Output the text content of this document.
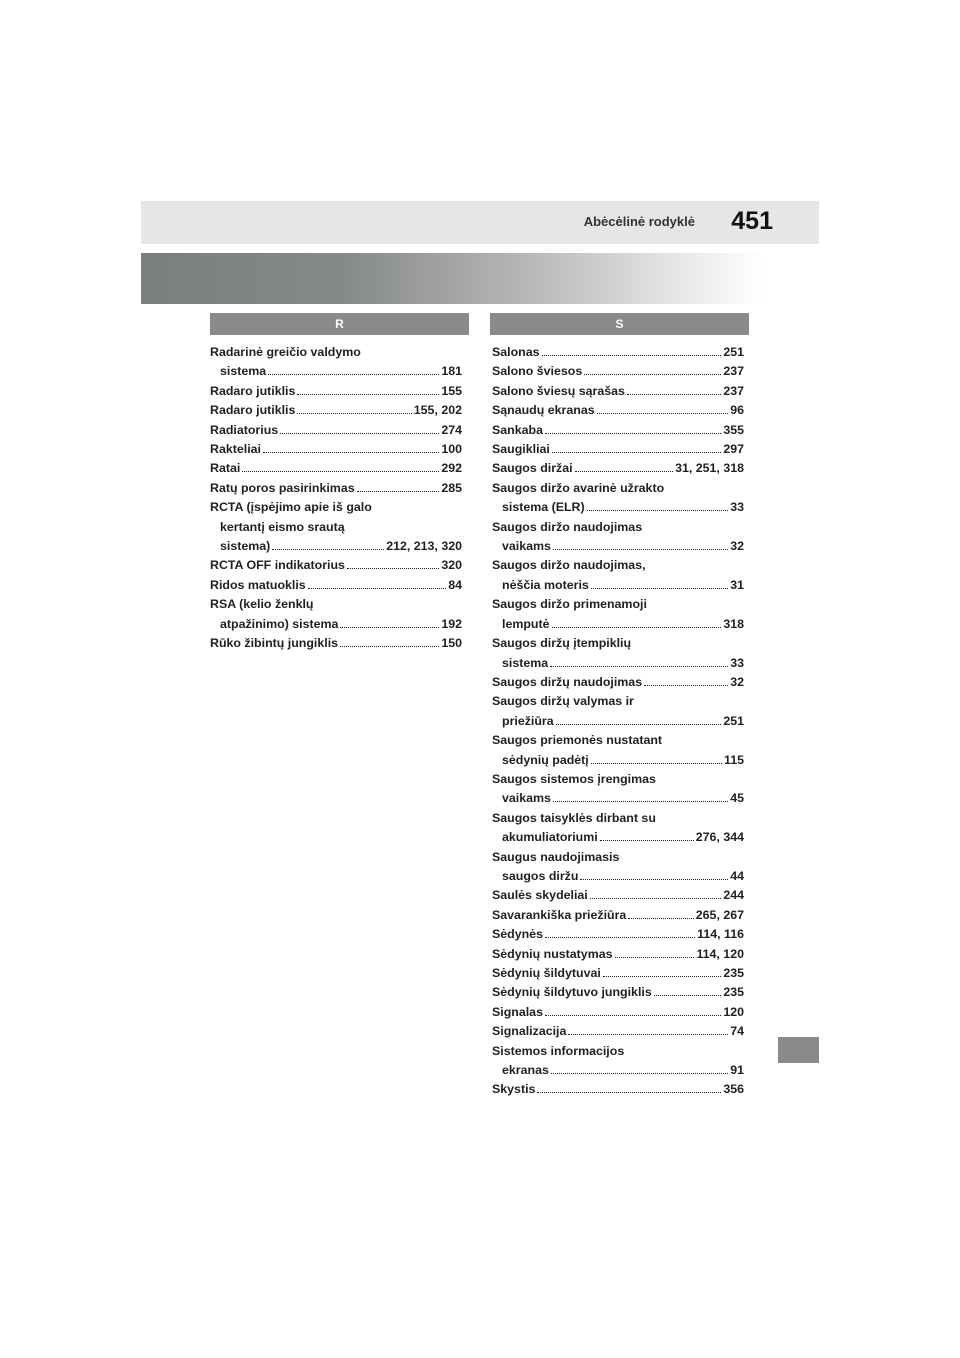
Abėcėlinė rodyklė 451
R	S
Radarinė greičio valdymo
sistema	181
Radaro jutiklis	155
Radaro jutiklis	155, 202
Radiatorius	274
Rakteliai	100
Ratai	292
Ratų poros pasirinkimas	285
RCTA (įspėjimo apie iš galo
kertantį eismo srautą
sistema)	212, 213, 320
RCTA OFF indikatorius	320
Ridos matuoklis	84
RSA (kelio ženklų
atpažinimo) sistema	192
Rūko žibintų jungiklis	150
Salonas	251
Salono šviesos	237
Salono šviesų sąrašas	237
Sąnaudų ekranas	96
Sankaba	355
Saugikliai	297
Saugos diržai	31, 251, 318
Saugos diržo avarinė užrakto
sistema (ELR)	33
Saugos diržo naudojimas
vaikams	32
Saugos diržo naudojimas,
nėščia moteris	31
Saugos diržo primenamoji
lemputė	318
Saugos diržų įtempiklių
sistema	33
Saugos diržų naudojimas	32
Saugos diržų valymas ir
priežiūra	251
Saugos priemonės nustatant
sėdynių padėtį	115
Saugos sistemos įrengimas
vaikams	45
Saugos taisyklės dirbant su
akumuliatoriumi	276, 344
Saugus naudojimasis
saugos diržu	44
Saulės skydeliai	244
Savarankiška priežiūra	265, 267
Sėdynės	114, 116
Sėdynių nustatymas	114, 120
Sėdynių šildytuvai	235
Sėdynių šildytuvo jungiklis	235
Signalas	120
Signalizacija	74
Sistemos informacijos
ekranas	91
Skystis	356
